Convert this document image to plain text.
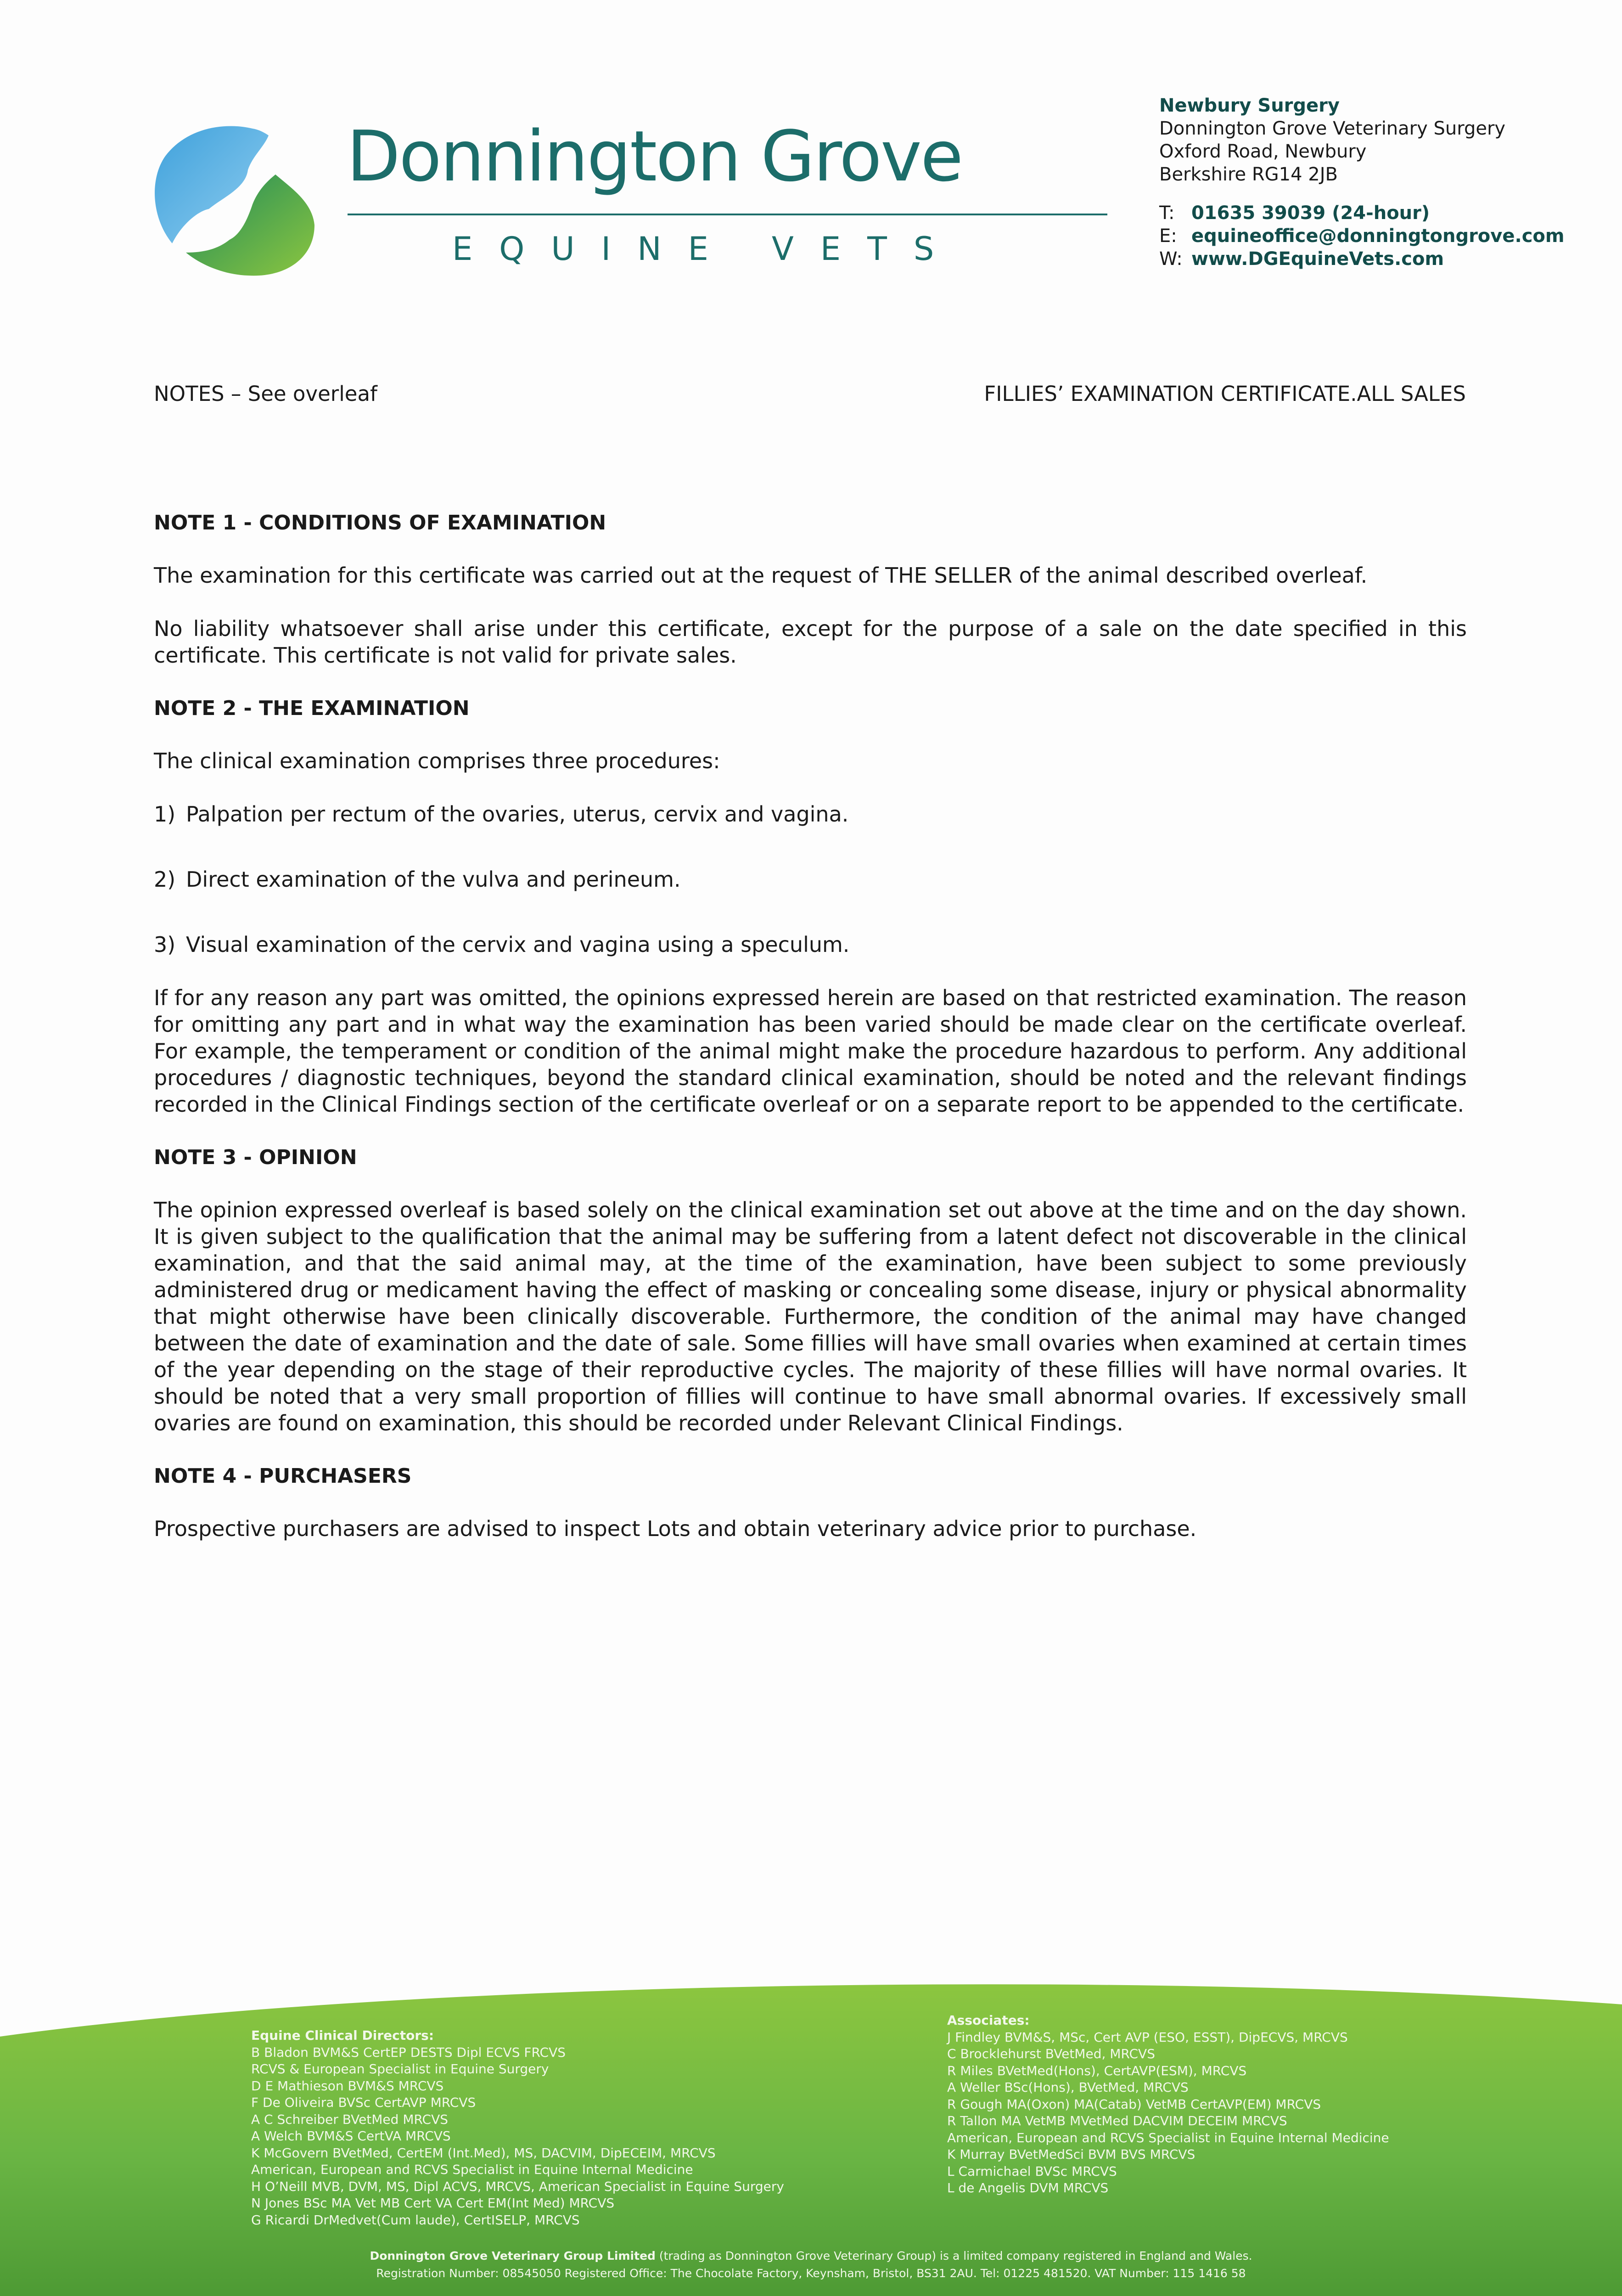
Donnington Grove
EQUINE VETS
Newbury Surgery
Donnington Grove Veterinary Surgery
Oxford Road, Newbury
Berkshire RG14 2JB
T: 01635 39039 (24-hour)
E: equineoffice@donningtongrove.com
W: www.DGEquineVets.com
NOTES – See overleaf	FILLIES’ EXAMINATION CERTIFICATE.ALL SALES
NOTE 1 - CONDITIONS OF EXAMINATION

The examination for this certificate was carried out at the request of THE SELLER of the animal described overleaf.

No liability whatsoever shall arise under this certificate, except for the purpose of a sale on the date specified in this certificate. This certificate is not valid for private sales.

NOTE 2 - THE EXAMINATION

The clinical examination comprises three procedures:

1) Palpation per rectum of the ovaries, uterus, cervix and vagina.

2) Direct examination of the vulva and perineum.

3) Visual examination of the cervix and vagina using a speculum.

If for any reason any part was omitted, the opinions expressed herein are based on that restricted examination. The reason for omitting any part and in what way the examination has been varied should be made clear on the certificate overleaf. For example, the temperament or condition of the animal might make the procedure hazardous to perform. Any additional procedures / diagnostic techniques, beyond the standard clinical examination, should be noted and the relevant findings recorded in the Clinical Findings section of the certificate overleaf or on a separate report to be appended to the certificate.

NOTE 3 - OPINION

The opinion expressed overleaf is based solely on the clinical examination set out above at the time and on the day shown. It is given subject to the qualification that the animal may be suffering from a latent defect not discoverable in the clinical examination, and that the said animal may, at the time of the examination, have been subject to some previously administered drug or medicament having the effect of masking or concealing some disease, injury or physical abnormality that might otherwise have been clinically discoverable. Furthermore, the condition of the animal may have changed between the date of examination and the date of sale. Some fillies will have small ovaries when examined at certain times of the year depending on the stage of their reproductive cycles. The majority of these fillies will have normal ovaries. It should be noted that a very small proportion of fillies will continue to have small abnormal ovaries. If excessively small ovaries are found on examination, this should be recorded under Relevant Clinical Findings.

NOTE 4 - PURCHASERS

Prospective purchasers are advised to inspect Lots and obtain veterinary advice prior to purchase.

Equine Clinical Directors:
B Bladon BVM&S CertEP DESTS Dipl ECVS FRCVS
RCVS & European Specialist in Equine Surgery
D E Mathieson BVM&S MRCVS
F De Oliveira BVSc CertAVP MRCVS
A C Schreiber BVetMed MRCVS
A Welch BVM&S CertVA MRCVS
K McGovern BVetMed, CertEM (Int.Med), MS, DACVIM, DipECEIM, MRCVS
American, European and RCVS Specialist in Equine Internal Medicine
H O’Neill MVB, DVM, MS, Dipl ACVS, MRCVS, American Specialist in Equine Surgery
N Jones BSc MA Vet MB Cert VA Cert EM(Int Med) MRCVS
G Ricardi DrMedvet(Cum laude), CertISELP, MRCVS
Associates:
J Findley BVM&S, MSc, Cert AVP (ESO, ESST), DipECVS, MRCVS
C Brocklehurst BVetMed, MRCVS
R Miles BVetMed(Hons), CertAVP(ESM), MRCVS
A Weller BSc(Hons), BVetMed, MRCVS
R Gough MA(Oxon) MA(Catab) VetMB CertAVP(EM) MRCVS
R Tallon MA VetMB MVetMed DACVIM DECEIM MRCVS
American, European and RCVS Specialist in Equine Internal Medicine
K Murray BVetMedSci BVM BVS MRCVS
L Carmichael BVSc MRCVS
L de Angelis DVM MRCVS
Donnington Grove Veterinary Group Limited (trading as Donnington Grove Veterinary Group) is a limited company registered in England and Wales.
Registration Number: 08545050 Registered Office: The Chocolate Factory, Keynsham, Bristol, BS31 2AU. Tel: 01225 481520. VAT Number: 115 1416 58
